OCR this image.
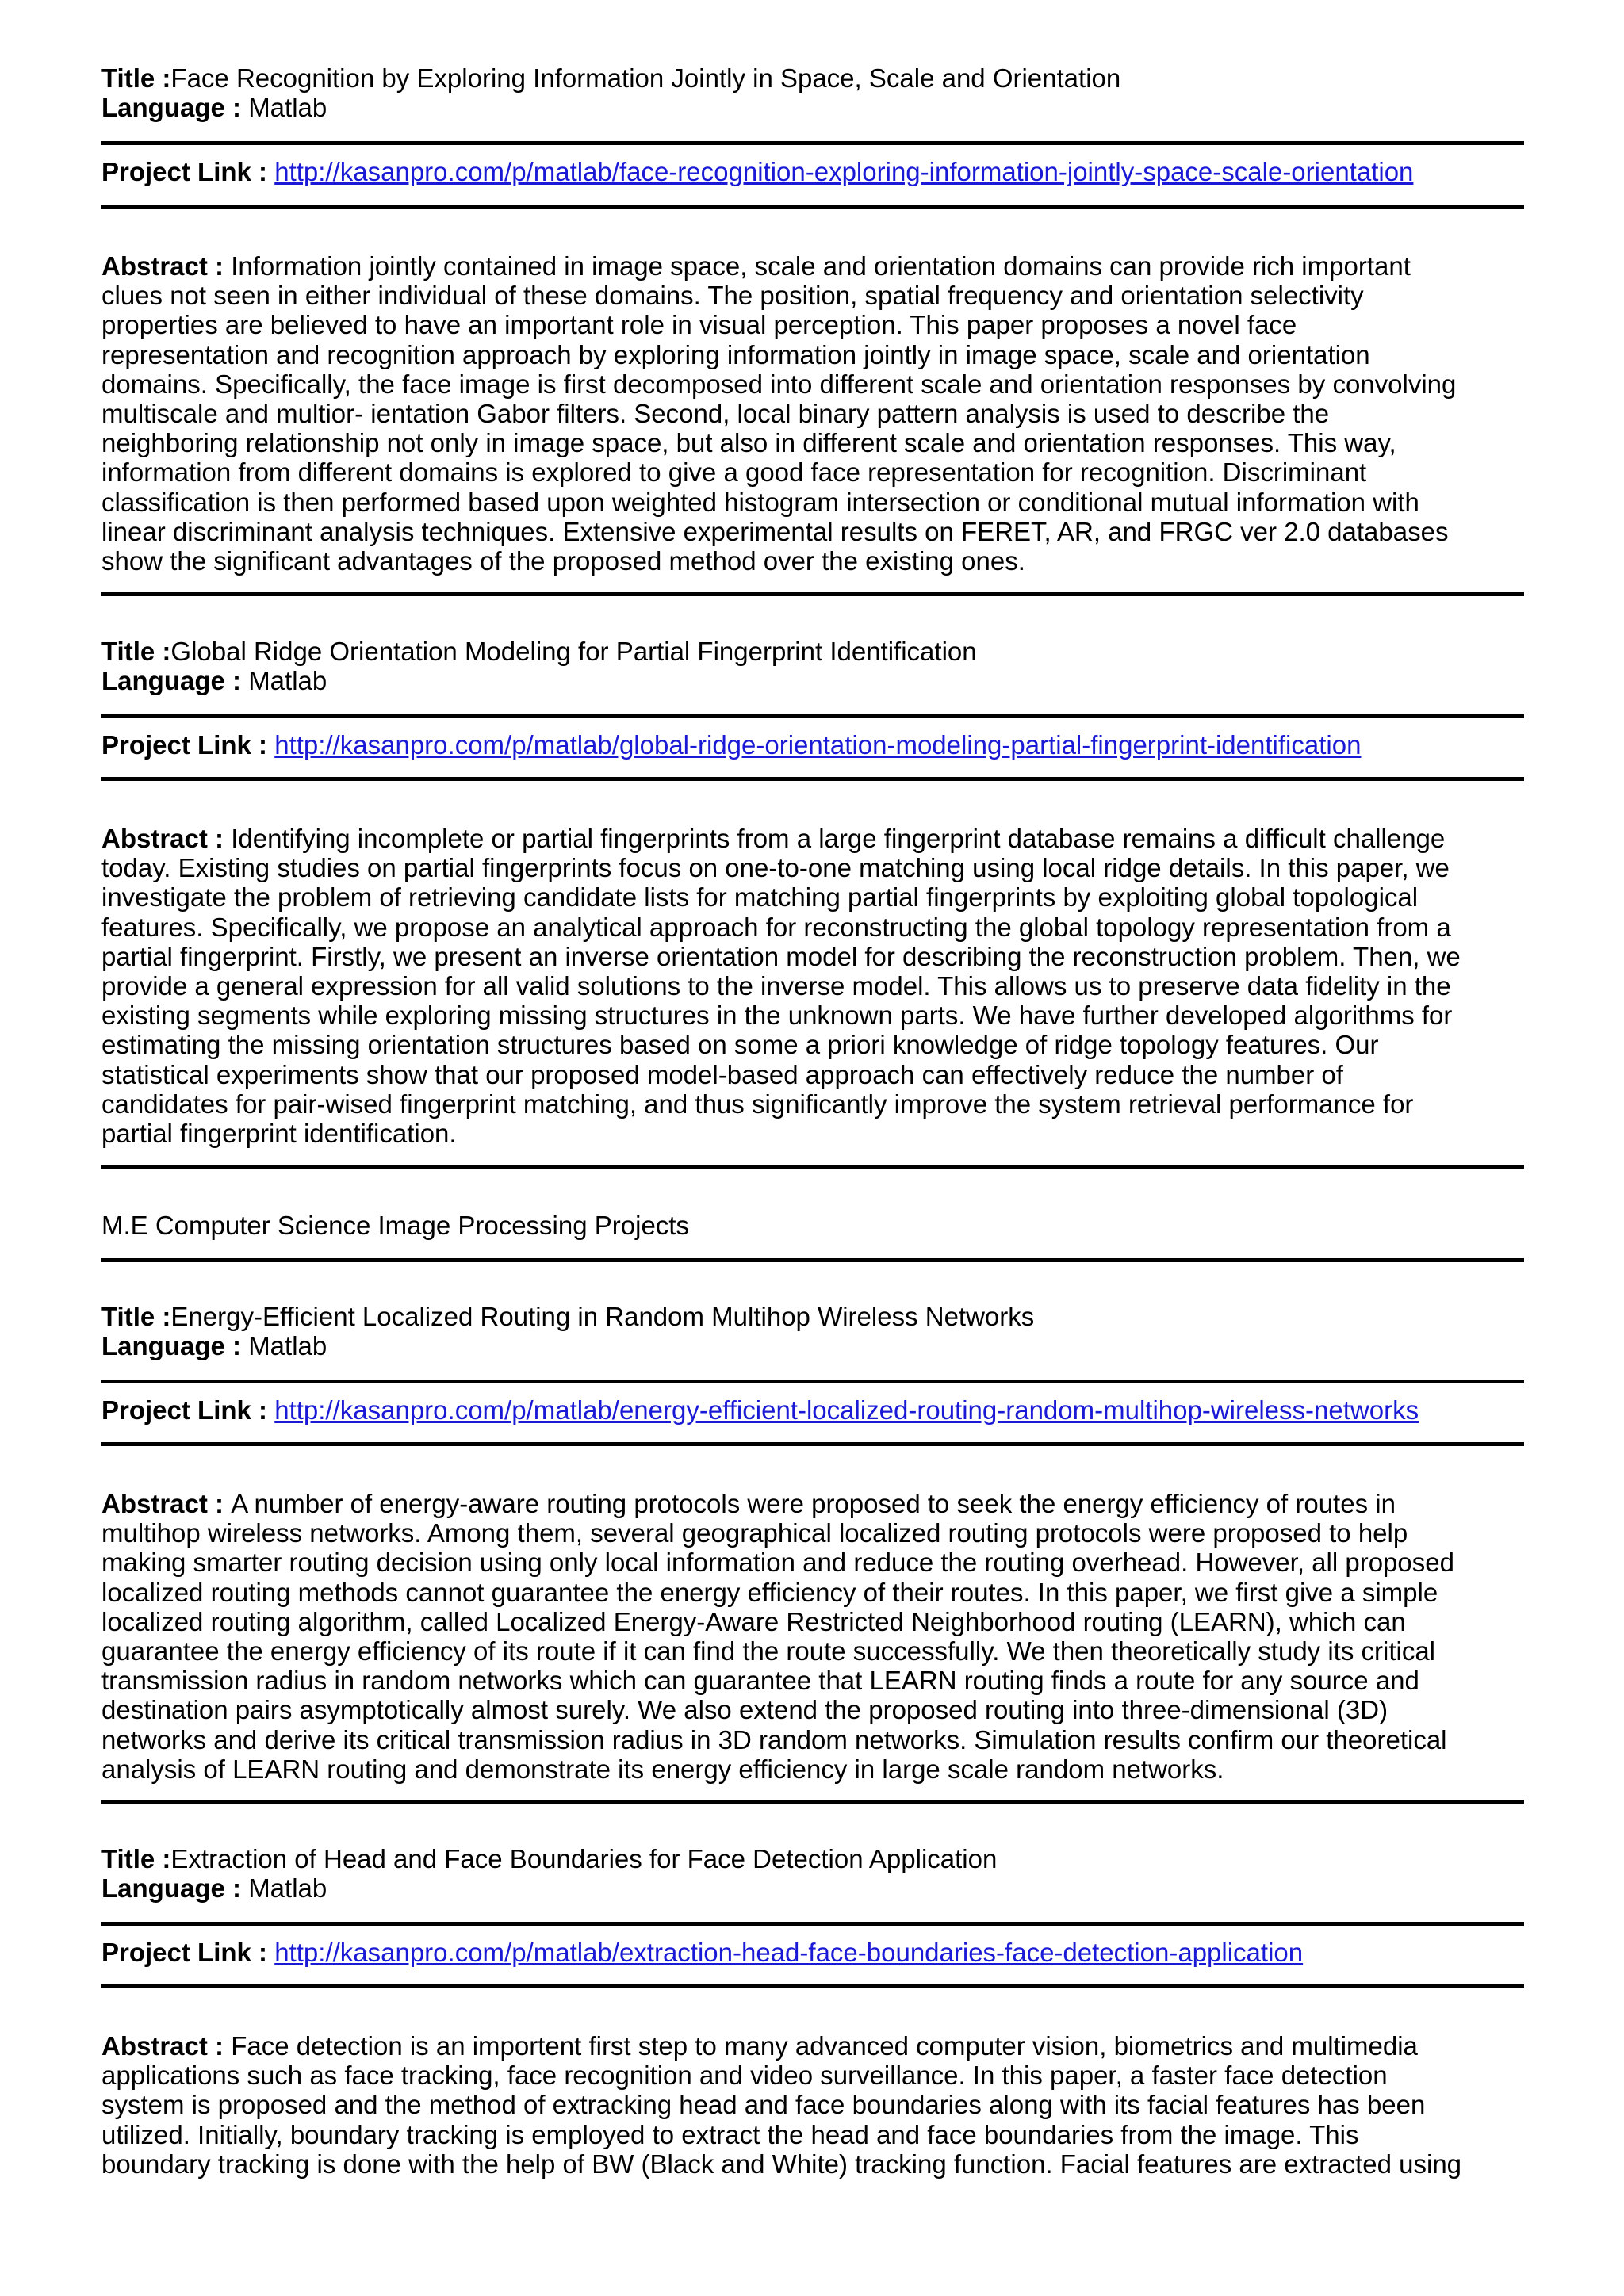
Title :Face Recognition by Exploring Information Jointly in Space, Scale and Orientation
Language : Matlab
Project Link : http://kasanpro.com/p/matlab/face-recognition-exploring-information-jointly-space-scale-orientation
Abstract : Information jointly contained in image space, scale and orientation domains can provide rich important
clues not seen in either individual of these domains. The position, spatial frequency and orientation selectivity
properties are believed to have an important role in visual perception. This paper proposes a novel face
representation and recognition approach by exploring information jointly in image space, scale and orientation
domains. Specifically, the face image is first decomposed into different scale and orientation responses by convolving
multiscale and multior- ientation Gabor filters. Second, local binary pattern analysis is used to describe the
neighboring relationship not only in image space, but also in different scale and orientation responses. This way,
information from different domains is explored to give a good face representation for recognition. Discriminant
classification is then performed based upon weighted histogram intersection or conditional mutual information with
linear discriminant analysis techniques. Extensive experimental results on FERET, AR, and FRGC ver 2.0 databases
show the significant advantages of the proposed method over the existing ones.
Title :Global Ridge Orientation Modeling for Partial Fingerprint Identification
Language : Matlab
Project Link : http://kasanpro.com/p/matlab/global-ridge-orientation-modeling-partial-fingerprint-identification
Abstract : Identifying incomplete or partial fingerprints from a large fingerprint database remains a difficult challenge
today. Existing studies on partial fingerprints focus on one-to-one matching using local ridge details. In this paper, we
investigate the problem of retrieving candidate lists for matching partial fingerprints by exploiting global topological
features. Specifically, we propose an analytical approach for reconstructing the global topology representation from a
partial fingerprint. Firstly, we present an inverse orientation model for describing the reconstruction problem. Then, we
provide a general expression for all valid solutions to the inverse model. This allows us to preserve data fidelity in the
existing segments while exploring missing structures in the unknown parts. We have further developed algorithms for
estimating the missing orientation structures based on some a priori knowledge of ridge topology features. Our
statistical experiments show that our proposed model-based approach can effectively reduce the number of
candidates for pair-wised fingerprint matching, and thus significantly improve the system retrieval performance for
partial fingerprint identification.
M.E Computer Science Image Processing Projects
Title :Energy-Efficient Localized Routing in Random Multihop Wireless Networks
Language : Matlab
Project Link : http://kasanpro.com/p/matlab/energy-efficient-localized-routing-random-multihop-wireless-networks
Abstract : A number of energy-aware routing protocols were proposed to seek the energy efficiency of routes in
multihop wireless networks. Among them, several geographical localized routing protocols were proposed to help
making smarter routing decision using only local information and reduce the routing overhead. However, all proposed
localized routing methods cannot guarantee the energy efficiency of their routes. In this paper, we first give a simple
localized routing algorithm, called Localized Energy-Aware Restricted Neighborhood routing (LEARN), which can
guarantee the energy efficiency of its route if it can find the route successfully. We then theoretically study its critical
transmission radius in random networks which can guarantee that LEARN routing finds a route for any source and
destination pairs asymptotically almost surely. We also extend the proposed routing into three-dimensional (3D)
networks and derive its critical transmission radius in 3D random networks. Simulation results confirm our theoretical
analysis of LEARN routing and demonstrate its energy efficiency in large scale random networks.
Title :Extraction of Head and Face Boundaries for Face Detection Application
Language : Matlab
Project Link : http://kasanpro.com/p/matlab/extraction-head-face-boundaries-face-detection-application
Abstract : Face detection is an importent first step to many advanced computer vision, biometrics and multimedia
applications such as face tracking, face recognition and video surveillance. In this paper, a faster face detection
system is proposed and the method of extracking head and face boundaries along with its facial features has been
utilized. Initially, boundary tracking is employed to extract the head and face boundaries from the image. This
boundary tracking is done with the help of BW (Black and White) tracking function. Facial features are extracted using
